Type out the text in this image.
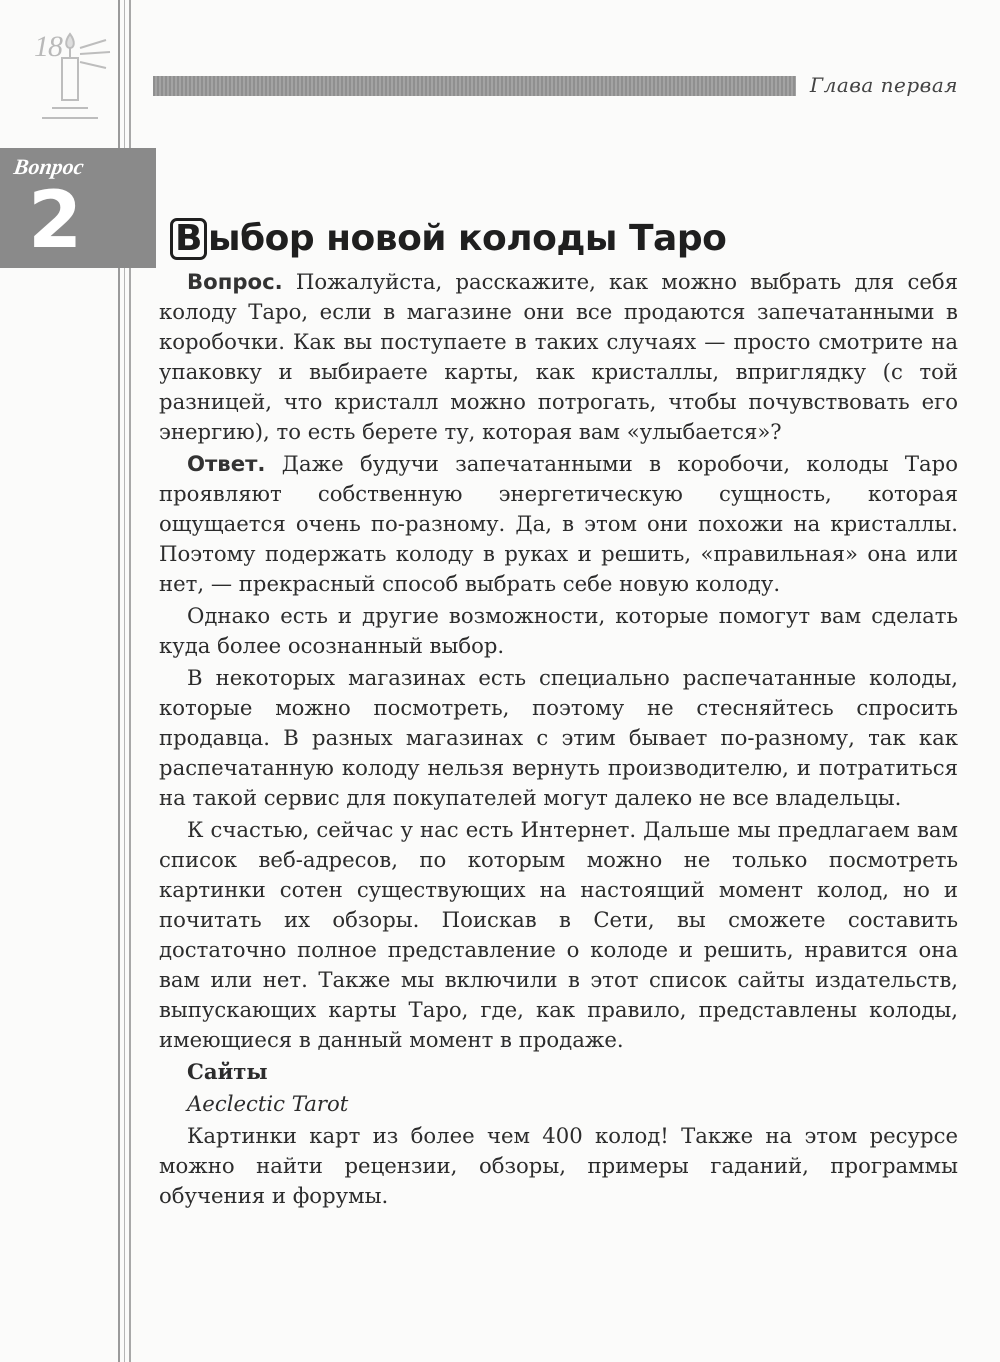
18
Глава первая
Вопрос
2	В ыбор новой колоды Таро

Вопрос. Пожалуйста, расскажите, как можно выбрать для себя колоду Таро, если в магазине они все продаются запечатанными в коробочки. Как вы поступаете в таких случаях — просто смотрите на упаковку и выбираете карты, как кристаллы, вприглядку (с той разницей, что кристалл можно потрогать, чтобы почувствовать его энергию), то есть берете ту, которая вам «улыбается»?

Ответ. Даже будучи запечатанными в коробочи, колоды Таро проявляют собственную энергетическую сущность, которая ощущается очень по-разному. Да, в этом они похожи на кристаллы. Поэтому подержать колоду в руках и решить, «правильная» она или нет, — прекрасный способ выбрать себе новую колоду.

Однако есть и другие возможности, которые помогут вам сделать куда более осознанный выбор.

В некоторых магазинах есть специально распечатанные колоды, которые можно посмотреть, поэтому не стесняйтесь спросить продавца. В разных магазинах с этим бывает по-разному, так как распечатанную колоду нельзя вернуть производителю, и потратиться на такой сервис для покупателей могут далеко не все владельцы.

К счастью, сейчас у нас есть Интернет. Дальше мы предлагаем вам список веб-адресов, по которым можно не только посмотреть картинки сотен существующих на настоящий момент колод, но и почитать их обзоры. Поискав в Сети, вы сможете составить достаточно полное представление о колоде и решить, нравится она вам или нет. Также мы включили в этот список сайты издательств, выпускающих карты Таро, где, как правило, представлены колоды, имеющиеся в данный момент в продаже.

Сайты

Aeclectic Tarot

Картинки карт из более чем 400 колод! Также на этом ресурсе можно найти рецензии, обзоры, примеры гаданий, программы обучения и форумы.
